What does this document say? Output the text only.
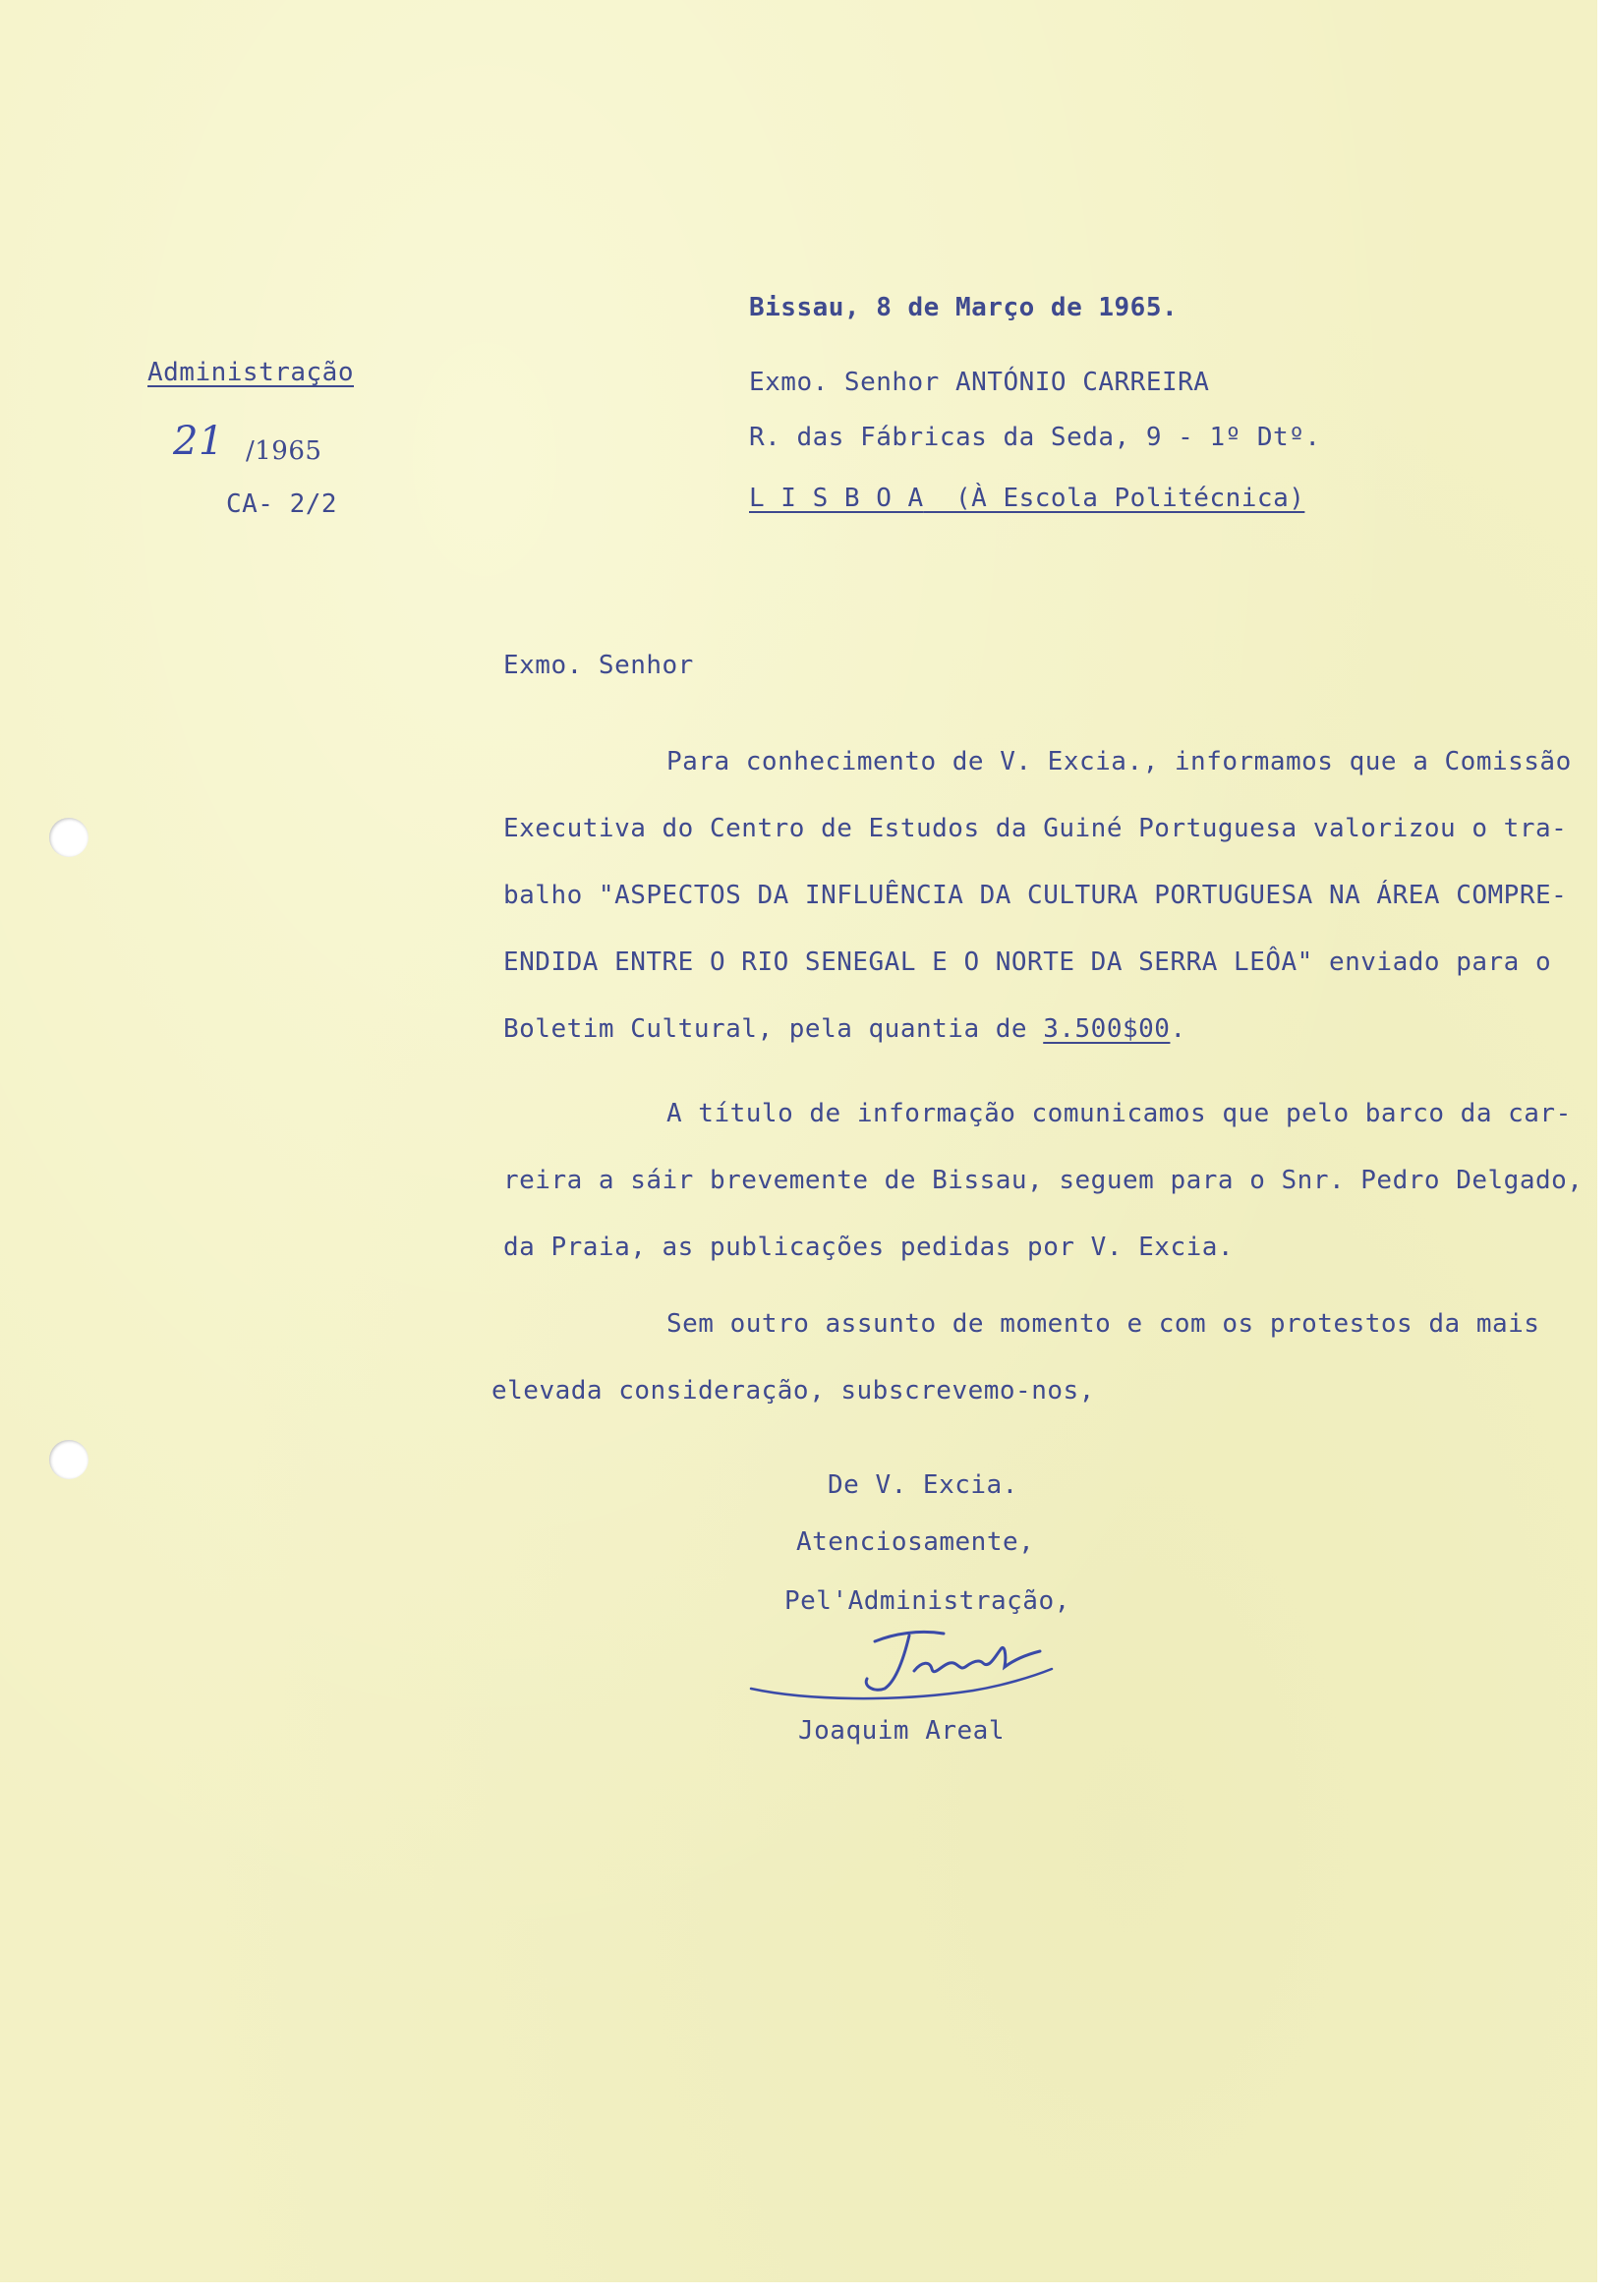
Administração
21 /1965
CA- 2/2
Bissau, 8 de Março de 1965.
Exmo. Senhor ANTÓNIO CARREIRA
R. das Fábricas da Seda, 9 - 1º Dtº.
L I S B O A (À Escola Politécnica)
Exmo. Senhor
Para conhecimento de V. Excia., informamos que a Comissão
Executiva do Centro de Estudos da Guiné Portuguesa valorizou o tra-
balho "ASPECTOS DA INFLUÊNCIA DA CULTURA PORTUGUESA NA ÁREA COMPRE-
ENDIDA ENTRE O RIO SENEGAL E O NORTE DA SERRA LEÔA" enviado para o
Boletim Cultural, pela quantia de 3.500$00.
A título de informação comunicamos que pelo barco da car-
reira a sáir brevemente de Bissau, seguem para o Snr. Pedro Delgado,
da Praia, as publicações pedidas por V. Excia.
Sem outro assunto de momento e com os protestos da mais
elevada consideração, subscrevemo-nos,
De V. Excia.
Atenciosamente,
Pel'Administração,
Joaquim Areal
